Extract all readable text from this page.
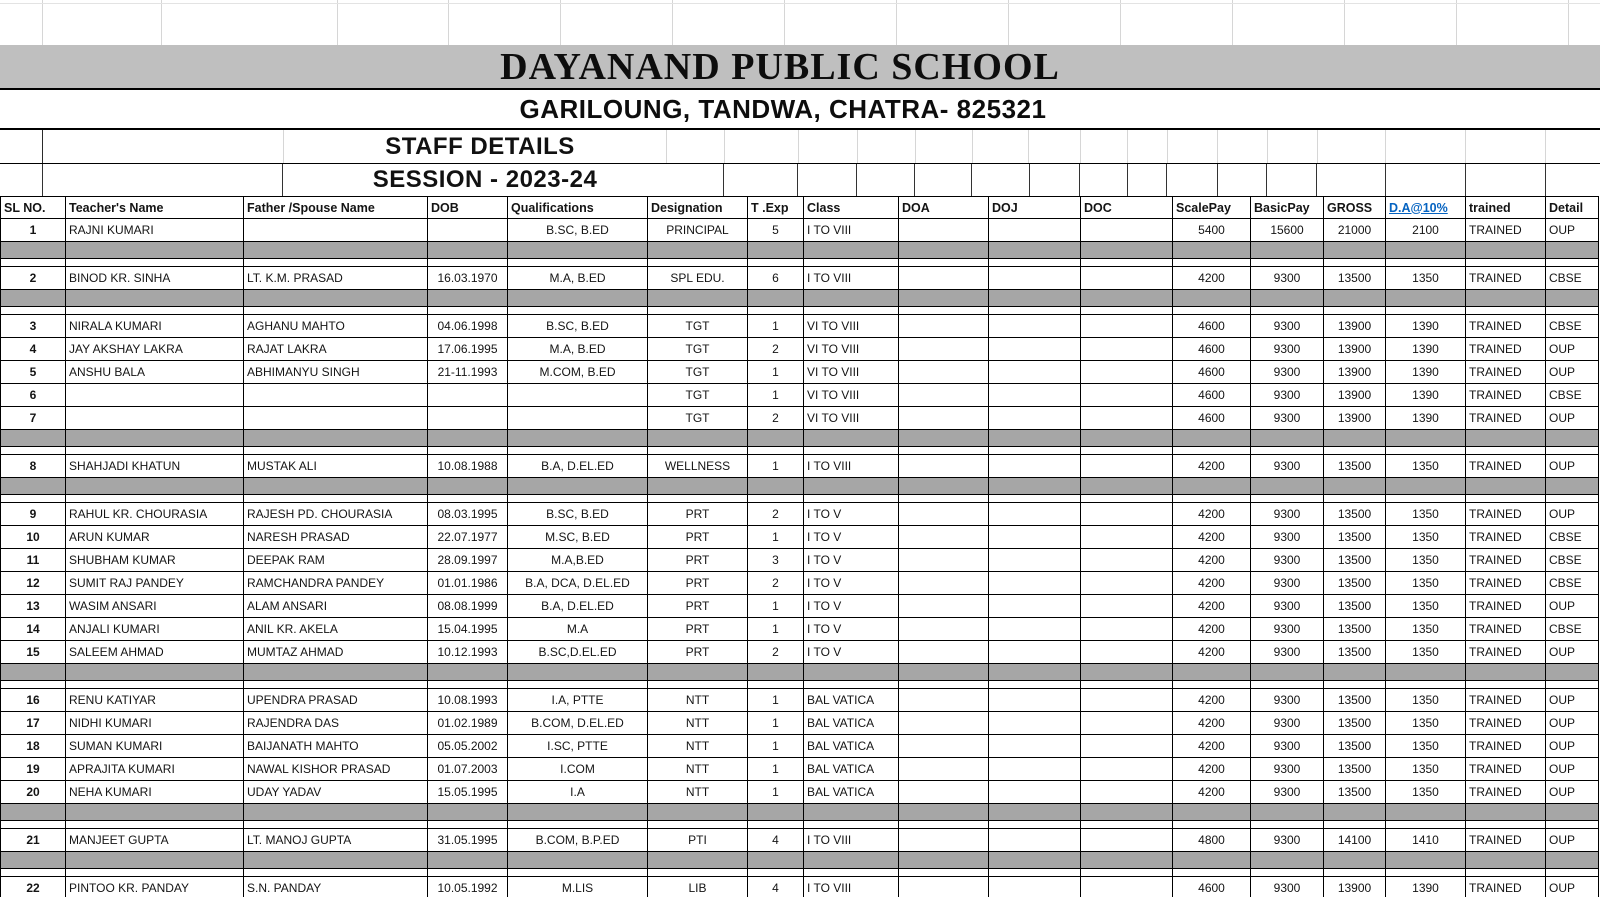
DAYANAND PUBLIC SCHOOL
GARILOUNG, TANDWA, CHATRA- 825321
STAFF DETAILS
SESSION - 2023-24
SL NO.	Teacher's Name	Father /Spouse Name	DOB	Qualifications	Designation	T .Exp	Class	DOA	DOJ	DOC	ScalePay	BasicPay	GROSS	D.A@10%	trained	Detail
1	RAJNI KUMARI			B.SC, B.ED	PRINCIPAL	5	I TO VIII				5400	15600	21000	2100	TRAINED	OUP

2	BINOD KR. SINHA	LT. K.M. PRASAD	16.03.1970	M.A, B.ED	SPL EDU.	6	I TO VIII				4200	9300	13500	1350	TRAINED	CBSE

3	NIRALA KUMARI	AGHANU MAHTO	04.06.1998	B.SC, B.ED	TGT	1	VI TO VIII				4600	9300	13900	1390	TRAINED	CBSE
4	JAY AKSHAY LAKRA	RAJAT LAKRA	17.06.1995	M.A, B.ED	TGT	2	VI TO VIII				4600	9300	13900	1390	TRAINED	OUP
5	ANSHU BALA	ABHIMANYU SINGH	21-11.1993	M.COM, B.ED	TGT	1	VI TO VIII				4600	9300	13900	1390	TRAINED	OUP
6					TGT	1	VI TO VIII				4600	9300	13900	1390	TRAINED	CBSE
7					TGT	2	VI TO VIII				4600	9300	13900	1390	TRAINED	OUP

8	SHAHJADI KHATUN	MUSTAK ALI	10.08.1988	B.A, D.EL.ED	WELLNESS	1	I TO VIII				4200	9300	13500	1350	TRAINED	OUP

9	RAHUL KR. CHOURASIA	RAJESH PD. CHOURASIA	08.03.1995	B.SC, B.ED	PRT	2	I TO V				4200	9300	13500	1350	TRAINED	OUP
10	ARUN KUMAR	NARESH PRASAD	22.07.1977	M.SC, B.ED	PRT	1	I TO V				4200	9300	13500	1350	TRAINED	CBSE
11	SHUBHAM KUMAR	DEEPAK RAM	28.09.1997	M.A,B.ED	PRT	3	I TO V				4200	9300	13500	1350	TRAINED	CBSE
12	SUMIT RAJ PANDEY	RAMCHANDRA PANDEY	01.01.1986	B.A, DCA, D.EL.ED	PRT	2	I TO V				4200	9300	13500	1350	TRAINED	CBSE
13	WASIM ANSARI	ALAM ANSARI	08.08.1999	B.A, D.EL.ED	PRT	1	I TO V				4200	9300	13500	1350	TRAINED	OUP
14	ANJALI KUMARI	ANIL KR. AKELA	15.04.1995	M.A	PRT	1	I TO V				4200	9300	13500	1350	TRAINED	CBSE
15	SALEEM AHMAD	MUMTAZ AHMAD	10.12.1993	B.SC,D.EL.ED	PRT	2	I TO V				4200	9300	13500	1350	TRAINED	OUP

16	RENU KATIYAR	UPENDRA PRASAD	10.08.1993	I.A, PTTE	NTT	1	BAL VATICA				4200	9300	13500	1350	TRAINED	OUP
17	NIDHI KUMARI	RAJENDRA DAS	01.02.1989	B.COM, D.EL.ED	NTT	1	BAL VATICA				4200	9300	13500	1350	TRAINED	OUP
18	SUMAN KUMARI	BAIJANATH MAHTO	05.05.2002	I.SC, PTTE	NTT	1	BAL VATICA				4200	9300	13500	1350	TRAINED	OUP
19	APRAJITA KUMARI	NAWAL KISHOR PRASAD	01.07.2003	I.COM	NTT	1	BAL VATICA				4200	9300	13500	1350	TRAINED	OUP
20	NEHA KUMARI	UDAY YADAV	15.05.1995	I.A	NTT	1	BAL VATICA				4200	9300	13500	1350	TRAINED	OUP

21	MANJEET GUPTA	LT. MANOJ GUPTA	31.05.1995	B.COM, B.P.ED	PTI	4	I TO VIII				4800	9300	14100	1410	TRAINED	OUP

22	PINTOO KR. PANDAY	S.N. PANDAY	10.05.1992	M.LIS	LIB	4	I TO VIII				4600	9300	13900	1390	TRAINED	OUP
